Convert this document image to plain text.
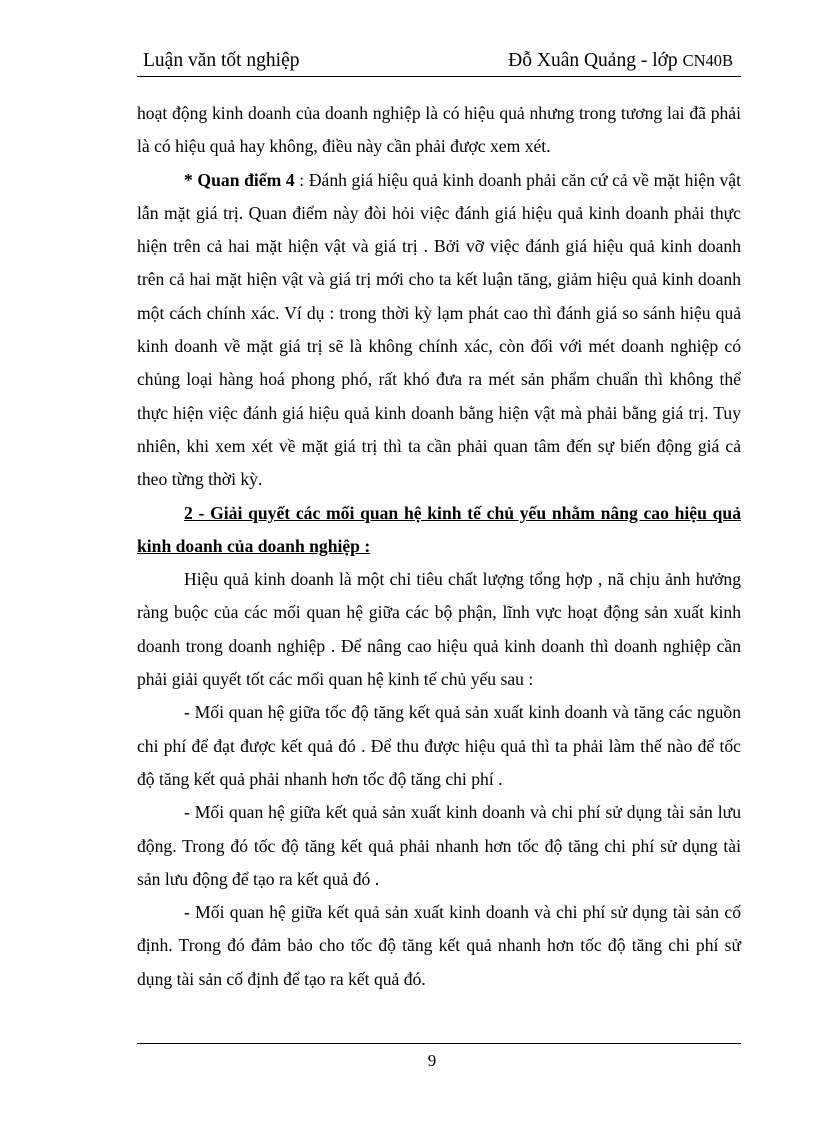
Luận văn tốt nghiệp	Đỗ Xuân Quảng - lớp CN40B

hoạt động kinh doanh của doanh nghiệp là có hiệu quả nhưng trong tương lai đã phải là có hiệu quả hay không, điều này cần phải được xem xét.

* Quan điểm 4 : Đánh giá hiệu quả kinh doanh phải căn cứ cả về mặt hiện vật lẫn mặt giá trị. Quan điểm này đòi hỏi việc đánh giá hiệu quả kinh doanh phải thực hiện trên cả hai mặt hiện vật và giá trị . Bởi vỡ việc đánh giá hiệu quả kinh doanh trên cả hai mặt hiện vật và giá trị mới cho ta kết luận tăng, giảm hiệu quả kinh doanh một cách chính xác. Ví dụ : trong thời kỳ lạm phát cao thì đánh giá so sánh hiệu quả kinh doanh về mặt giá trị sẽ là không chính xác, còn đối với mét doanh nghiệp có chủng loại hàng hoá phong phó, rất khó đưa ra mét sản phẩm chuẩn thì không thể thực hiện việc đánh giá hiệu quả kinh doanh bằng hiện vật mà phải bằng giá trị. Tuy nhiên, khi xem xét về mặt giá trị thì ta cần phải quan tâm đến sự biến động giá cả theo từng thời kỳ.

2 - Giải quyết các mối quan hệ kinh tế chủ yếu nhằm nâng cao hiệu quả kinh doanh của doanh nghiệp :

Hiệu quả kinh doanh là một chỉ tiêu chất lượng tổng hợp , nã chịu ảnh hưởng ràng buộc của các mối quan hệ giữa các bộ phận, lĩnh vực hoạt động sản xuất kinh doanh trong doanh nghiệp . Để nâng cao hiệu quả kinh doanh thì doanh nghiệp cần phải giải quyết tốt các mối quan hệ kinh tế chủ yếu sau :

- Mối quan hệ giữa tốc độ tăng kết quả sản xuất kinh doanh và tăng các nguồn chi phí để đạt được kết quả đó . Để thu được hiệu quả thì ta phải làm thế nào để tốc độ tăng kết quả phải nhanh hơn tốc độ tăng chi phí .

- Mối quan hệ giữa kết quả sản xuất kinh doanh và chi phí sử dụng tài sản lưu động. Trong đó tốc độ tăng kết quả phải nhanh hơn tốc độ tăng chi phí sử dụng tài sản lưu động để tạo ra kết quả đó .

- Mối quan hệ giữa kết quả sản xuất kinh doanh và chi phí sử dụng tài sản cố định. Trong đó đảm bảo cho tốc độ tăng kết quả nhanh hơn tốc độ tăng chi phí sử dụng tài sản cố định để tạo ra kết quả đó.

9
